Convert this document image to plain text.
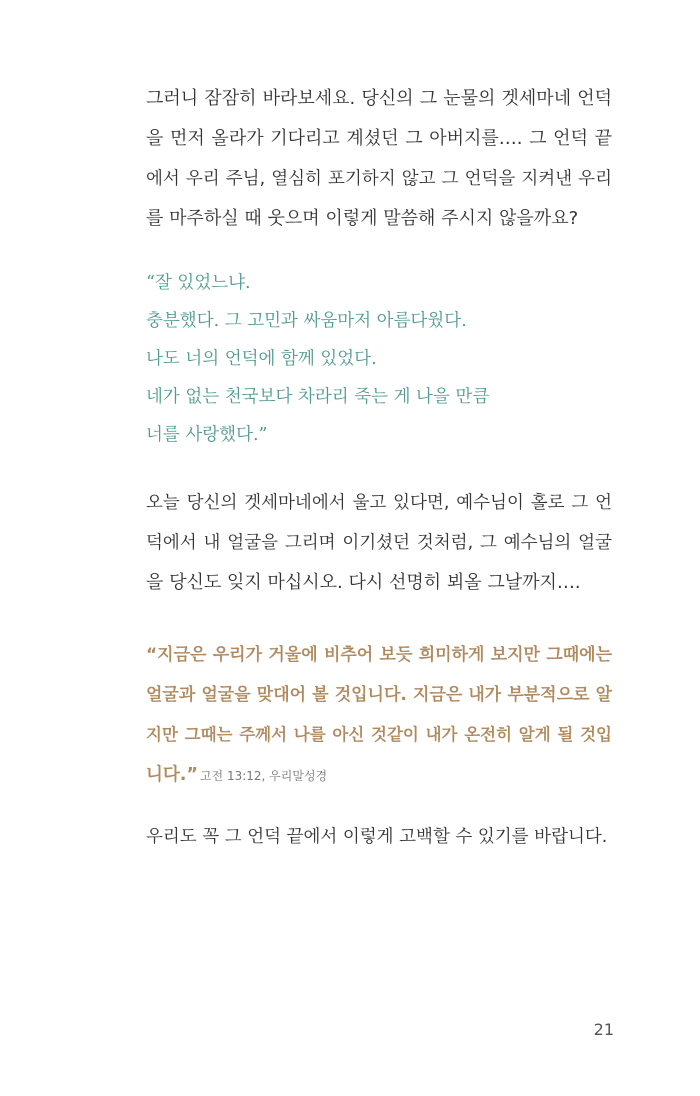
그러니 잠잠히 바라보세요. 당신의 그 눈물의 겟세마네 언덕
을 먼저 올라가 기다리고 계셨던 그 아버지를…. 그 언덕 끝
에서 우리 주님, 열심히 포기하지 않고 그 언덕을 지켜낸 우리
를 마주하실 때 웃으며 이렇게 말씀해 주시지 않을까요?
“잘 있었느냐.
충분했다. 그 고민과 싸움마저 아름다웠다.
나도 너의 언덕에 함께 있었다.
네가 없는 천국보다 차라리 죽는 게 나을 만큼
너를 사랑했다.”
오늘 당신의 겟세마네에서 울고 있다면, 예수님이 홀로 그 언
덕에서 내 얼굴을 그리며 이기셨던 것처럼, 그 예수님의 얼굴
을 당신도 잊지 마십시오. 다시 선명히 뵈올 그날까지….
“지금은 우리가 거울에 비추어 보듯 희미하게 보지만 그때에는
얼굴과 얼굴을 맞대어 볼 것입니다. 지금은 내가 부분적으로 알
지만 그때는 주께서 나를 아신 것같이 내가 온전히 알게 될 것입
니다.” 고전 13:12, 우리말성경
우리도 꼭 그 언덕 끝에서 이렇게 고백할 수 있기를 바랍니다.
21
